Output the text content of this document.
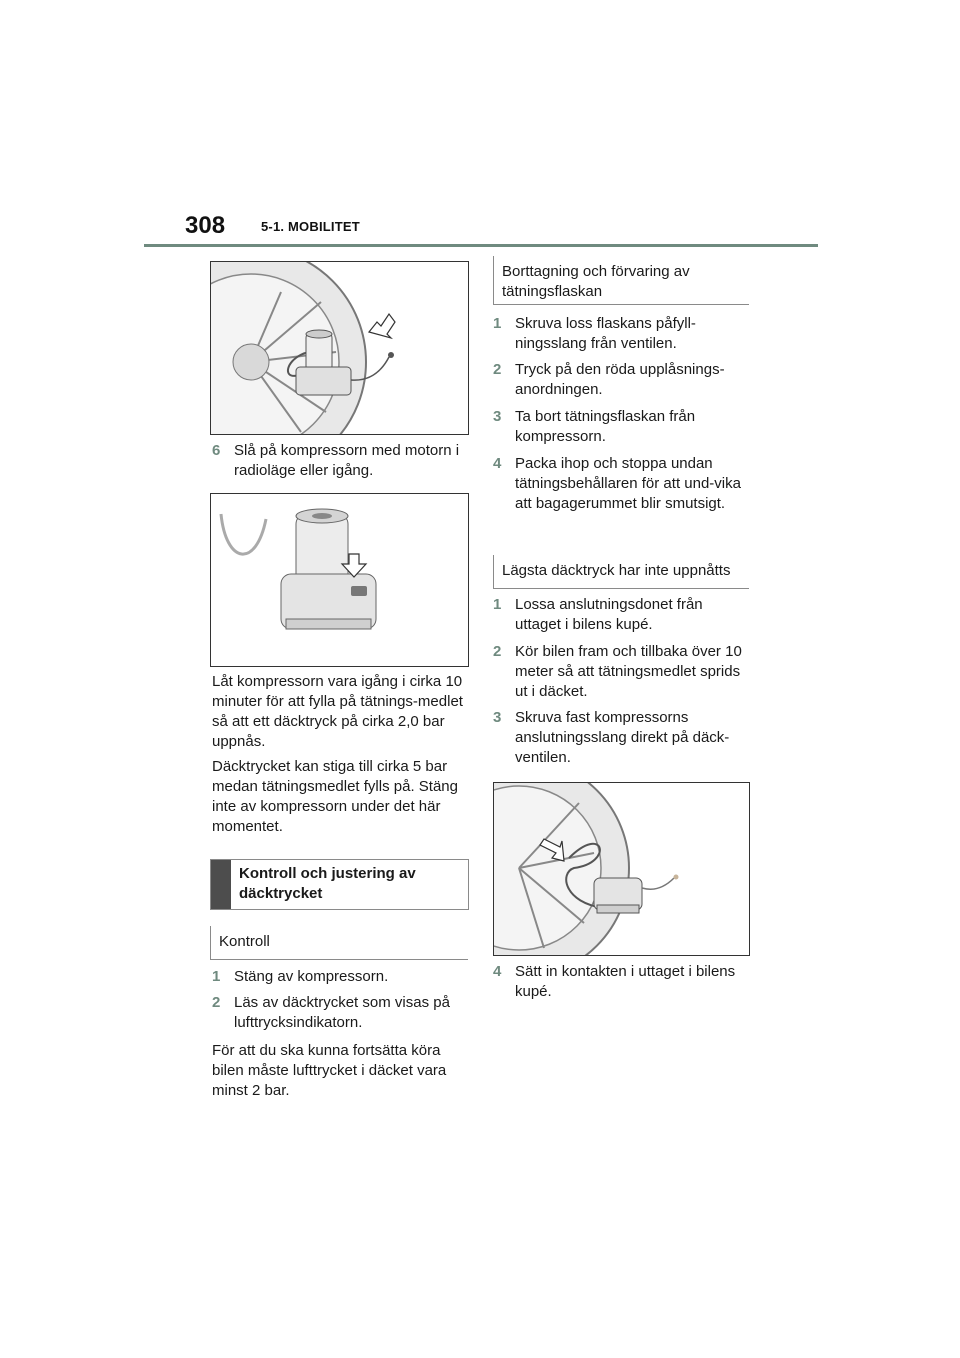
308	5-1. MOBILITET
6 Slå på kompressorn med motorn i radioläge eller igång.
Låt kompressorn vara igång i cirka 10 minuter för att fylla på tätnings-medlet så att ett däcktryck på cirka 2,0 bar uppnås.
Däcktrycket kan stiga till cirka 5 bar medan tätningsmedlet fylls på. Stäng inte av kompressorn under det här momentet.
Kontroll och justering av däcktrycket
Kontroll
1 Stäng av kompressorn.
2 Läs av däcktrycket som visas på lufttrycksindikatorn.
För att du ska kunna fortsätta köra bilen måste lufttrycket i däcket vara minst 2 bar.
Borttagning och förvaring av tätningsflaskan
1 Skruva loss flaskans påfyll-ningsslang från ventilen.
2 Tryck på den röda upplåsnings-anordningen.
3 Ta bort tätningsflaskan från kompressorn.
4 Packa ihop och stoppa undan tätningsbehållaren för att und-vika att bagagerummet blir smutsigt.
Lägsta däcktryck har inte uppnåtts
1 Lossa anslutningsdonet från uttaget i bilens kupé.
2 Kör bilen fram och tillbaka över 10 meter så att tätningsmedlet sprids ut i däcket.
3 Skruva fast kompressorns anslutningsslang direkt på däck-ventilen.
4 Sätt in kontakten i uttaget i bilens kupé.
